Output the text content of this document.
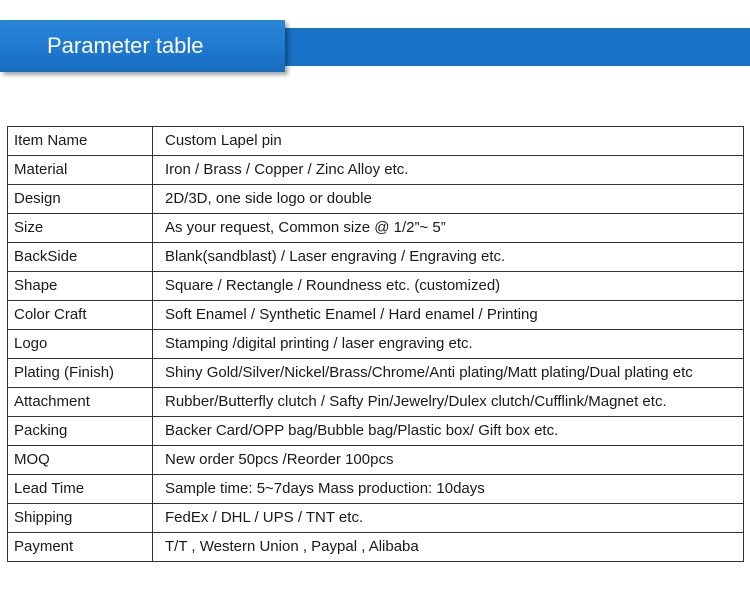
Parameter table
Item Name	Custom Lapel pin
Material	Iron / Brass / Copper / Zinc Alloy etc.
Design	2D/3D, one side logo or double
Size	As your request, Common size @ 1/2”~ 5”
BackSide	Blank(sandblast) / Laser engraving / Engraving etc.
Shape	Square / Rectangle / Roundness etc. (customized)
Color Craft	Soft Enamel / Synthetic Enamel / Hard enamel / Printing
Logo	Stamping /digital printing / laser engraving etc.
Plating (Finish)	Shiny Gold/Silver/Nickel/Brass/Chrome/Anti plating/Matt plating/Dual plating etc
Attachment	Rubber/Butterfly clutch / Safty Pin/Jewelry/Dulex clutch/Cufflink/Magnet etc.
Packing	Backer Card/OPP bag/Bubble bag/Plastic box/ Gift box etc.
MOQ	New order 50pcs /Reorder 100pcs
Lead Time	Sample time: 5~7days Mass production: 10days
Shipping	FedEx / DHL / UPS / TNT etc.
Payment	T/T , Western Union , Paypal , Alibaba
